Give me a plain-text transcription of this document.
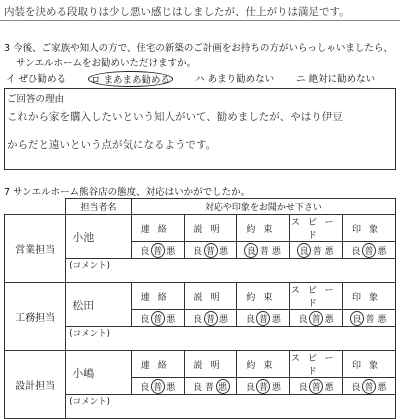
内装を決める段取りは少し悪い感じはしましたが、仕上がりは満足です。
3 今後、ご家族や知人の方で、住宅の新築のご計画をお持ちの方がいらっしゃいましたら、
サンエルホームをお勧めいただけますか。
イ ぜひ勧める	ロ まあまあ勧める	ハ あまり勧めない ニ 絶対に勧めない
ご回答の理由
これから家を購入したいという知人がいて、勧めましたが、やはり伊豆
からだと遠いという点が気になるようです。
7 サンエルホーム熊谷店の態度、対応はいかがでしたか。
	担当者名	対応や印象をお聞かせ下さい				
営業担当	小池	連絡	説明	約束	スピード	印象
		良 普 悪	良 普 悪	良 普 悪	良 普 悪	良 普 悪
	(コメント)					
工務担当	松田	連絡	説明	約束	スピード	印象
		良 普 悪	良 普 悪	良 普 悪	良 普 悪	良 普 悪
	(コメント)					
設計担当	小嶋	連絡	説明	約束	スピード	印象
		良 普 悪	良 普 悪	良 普 悪	良 普 悪	良 普 悪
	(コメント)					
